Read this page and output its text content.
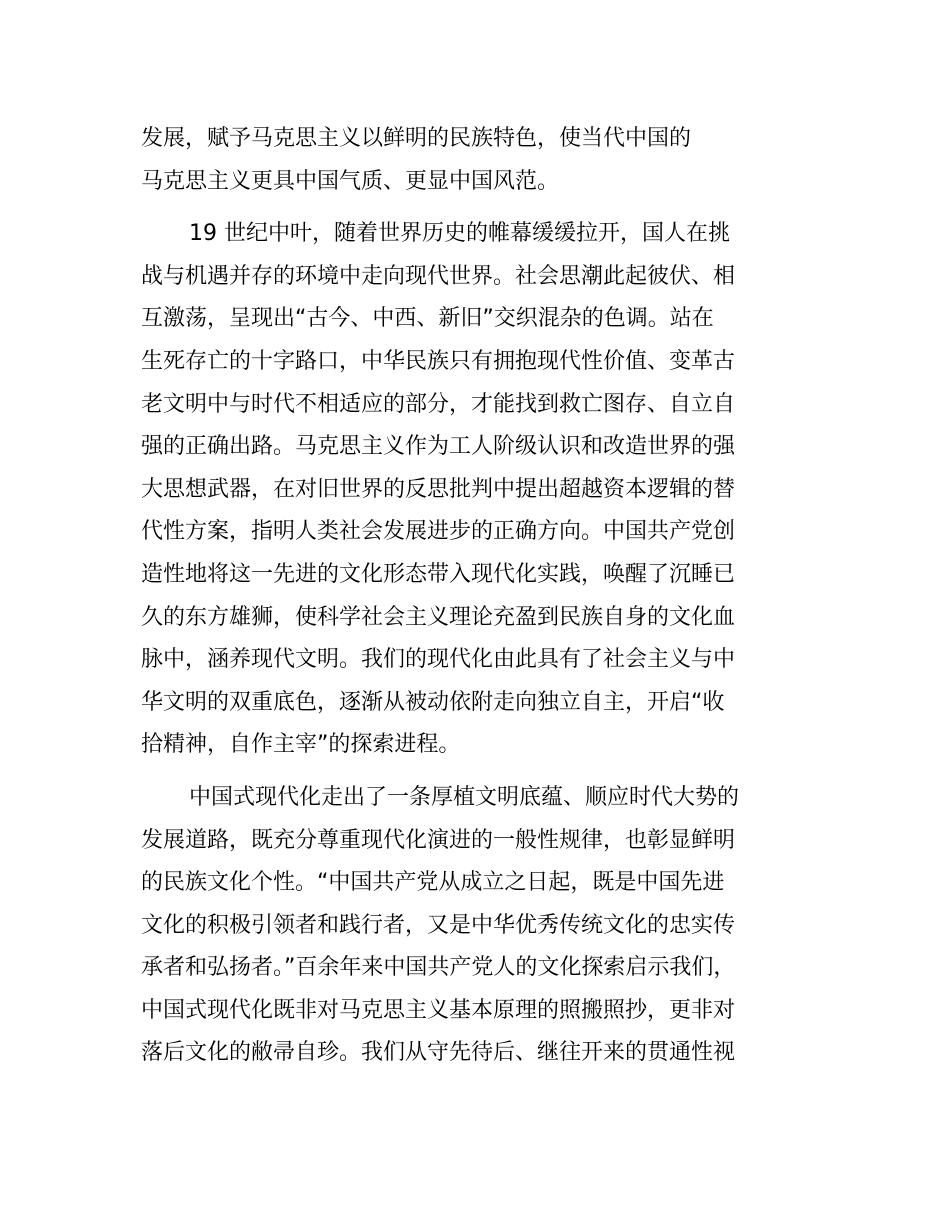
发展，赋予马克思主义以鲜明的民族特色，使当代中国的
马克思主义更具中国气质、更显中国风范。

19 世纪中叶，随着世界历史的帷幕缓缓拉开，国人在挑
战与机遇并存的环境中走向现代世界。社会思潮此起彼伏、相
互激荡，呈现出“古今、中西、新旧”交织混杂的色调。站在
生死存亡的十字路口，中华民族只有拥抱现代性价值、变革古
老文明中与时代不相适应的部分，才能找到救亡图存、自立自
强的正确出路。马克思主义作为工人阶级认识和改造世界的强
大思想武器，在对旧世界的反思批判中提出超越资本逻辑的替
代性方案，指明人类社会发展进步的正确方向。中国共产党创
造性地将这一先进的文化形态带入现代化实践，唤醒了沉睡已
久的东方雄狮，使科学社会主义理论充盈到民族自身的文化血
脉中，涵养现代文明。我们的现代化由此具有了社会主义与中
华文明的双重底色，逐渐从被动依附走向独立自主，开启“收
拾精神，自作主宰”的探索进程。

中国式现代化走出了一条厚植文明底蕴、顺应时代大势的
发展道路，既充分尊重现代化演进的一般性规律，也彰显鲜明
的民族文化个性。“中国共产党从成立之日起，既是中国先进
文化的积极引领者和践行者，又是中华优秀传统文化的忠实传
承者和弘扬者。”百余年来中国共产党人的文化探索启示我们，
中国式现代化既非对马克思主义基本原理的照搬照抄，更非对
落后文化的敝帚自珍。我们从守先待后、继往开来的贯通性视
